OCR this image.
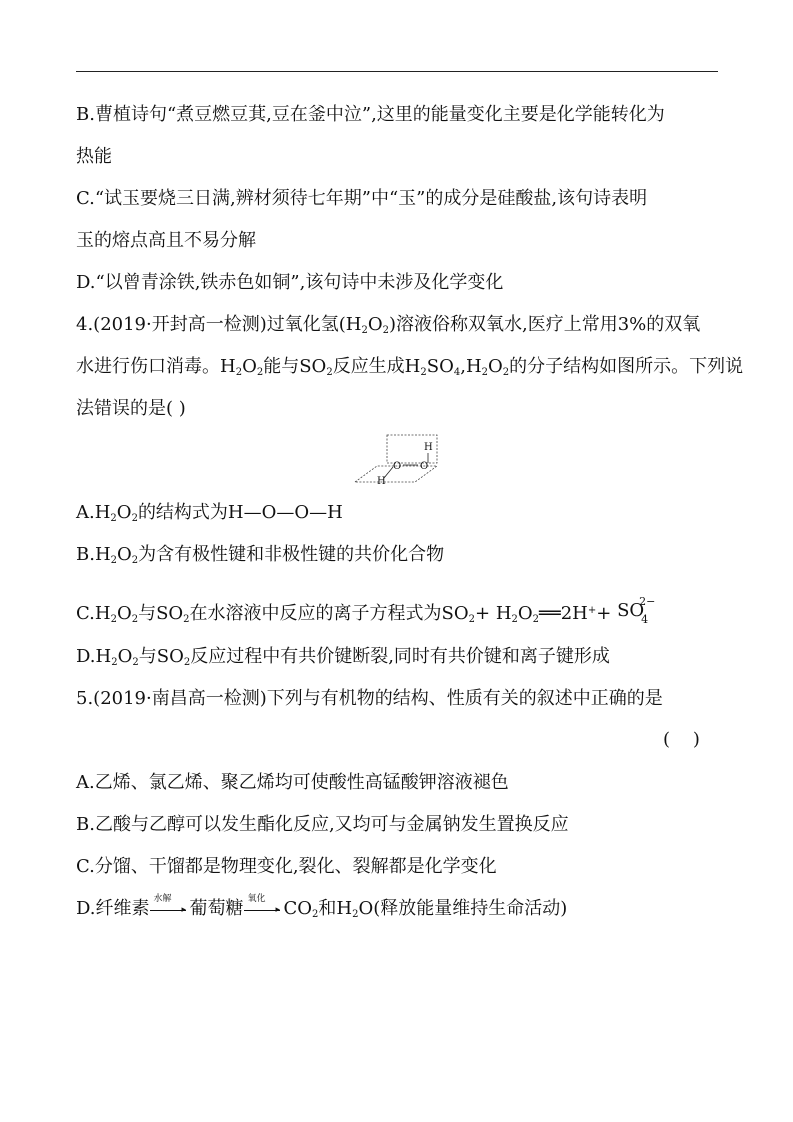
B.曹植诗句“煮豆燃豆萁,豆在釜中泣”,这里的能量变化主要是化学能转化为
热能
C.“试玉要烧三日满,辨材须待七年期”中“玉”的成分是硅酸盐,该句诗表明
玉的熔点高且不易分解
D.“以曾青涂铁,铁赤色如铜”,该句诗中未涉及化学变化
4.(2019·开封高一检测)过氧化氢$(H_2O_2)$溶液俗称双氧水,医疗上常用3%的双氧
水进行伤口消毒。$H_2O_2$能与$SO_2$反应生成$H_2SO_4,H_2O_2$的分子结构如图所示。下列说
法错误的是( )
H
O O
H
$A.H_2O_2$的结构式为H—O—O—H
$B.H_2O_2$为含有极性键和非极性键的共价化合物
$C.H_2O_2$与$SO_2$在水溶液中反应的离子方程式为$SO_2+$ $H_2O_2══2H^++$ SO
2−
4
$D.H_2O_2$与$SO_2$反应过程中有共价键断裂,同时有共价键和离子键形成
5.(2019·南昌高一检测)下列与有机物的结构、性质有关的叙述中正确的是
(    )
A.乙烯、氯乙烯、聚乙烯均可使酸性高锰酸钾溶液褪色
B.乙酸与乙醇可以发生酯化反应,又均可与金属钠发生置换反应
C.分馏、干馏都是物理变化,裂化、裂解都是化学变化
D.纤维素 水解
▸ 葡萄糖 氧化
▸ $CO_2$和$H_2O$(释放能量维持生命活动)
